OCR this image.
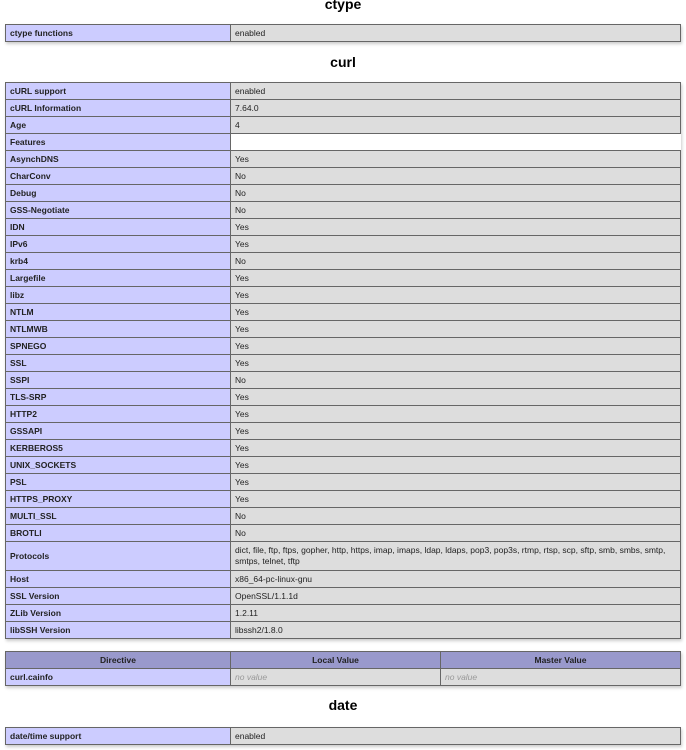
ctype
ctype functions	enabled
curl
cURL support	enabled
cURL Information	7.64.0
Age	4
Features	
AsynchDNS	Yes
CharConv	No
Debug	No
GSS-Negotiate	No
IDN	Yes
IPv6	Yes
krb4	No
Largefile	Yes
libz	Yes
NTLM	Yes
NTLMWB	Yes
SPNEGO	Yes
SSL	Yes
SSPI	No
TLS-SRP	Yes
HTTP2	Yes
GSSAPI	Yes
KERBEROS5	Yes
UNIX_SOCKETS	Yes
PSL	Yes
HTTPS_PROXY	Yes
MULTI_SSL	No
BROTLI	No
Protocols	dict, file, ftp, ftps, gopher, http, https, imap, imaps, ldap, ldaps, pop3, pop3s, rtmp, rtsp, scp, sftp, smb, smbs, smtp, smtps, telnet, tftp
Host	x86_64-pc-linux-gnu
SSL Version	OpenSSL/1.1.1d
ZLib Version	1.2.11
libSSH Version	libssh2/1.8.0
Directive	Local Value	Master Value
curl.cainfo	no value	no value
date
date/time support	enabled
